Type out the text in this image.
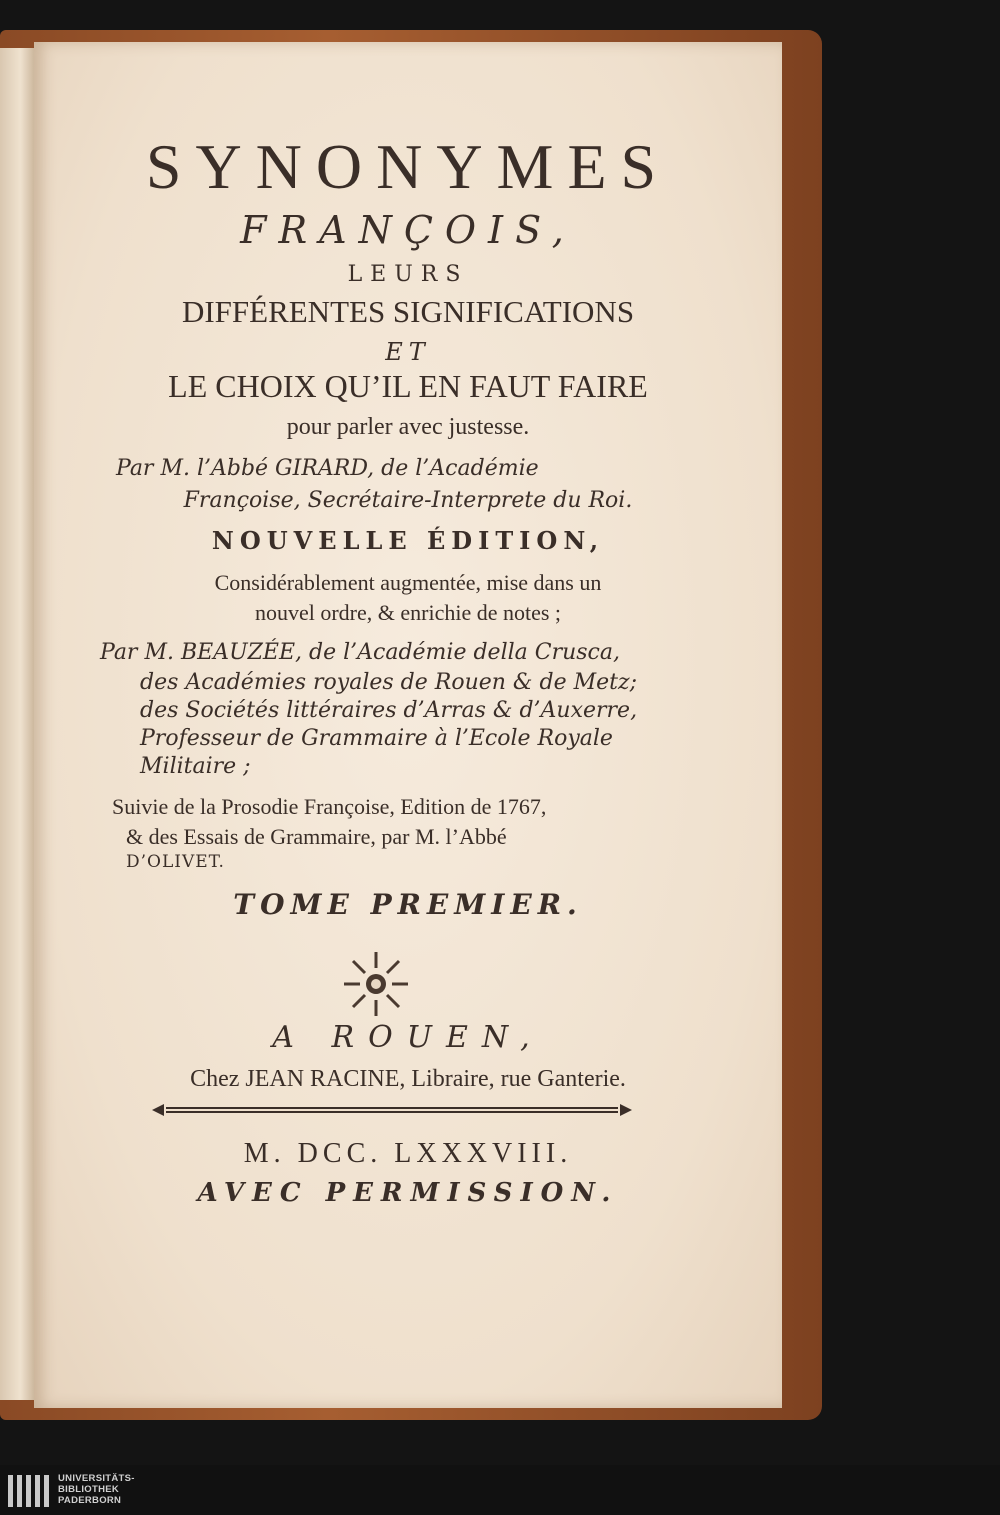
SYNONYMES
FRANÇOIS,
LEURS
DIFFÉRENTES SIGNIFICATIONS
ET
LE CHOIX QU’IL EN FAUT FAIRE
pour parler avec justesse.
Par M. l’Abbé GIRARD, de l’Académie
Françoise, Secrétaire-Interprete du Roi.
NOUVELLE ÉDITION,
Considérablement augmentée, mise dans un
nouvel ordre, & enrichie de notes ;
Par M. BEAUZÉE, de l’Académie della Crusca,
des Académies royales de Rouen & de Metz;
des Sociétés littéraires d’Arras & d’Auxerre,
Professeur de Grammaire à l’Ecole Royale
Militaire ;
Suivie de la Prosodie Françoise, Edition de 1767,
& des Essais de Grammaire, par M. l’Abbé
D’OLIVET.
TOME PREMIER.
A ROUEN,
Chez JEAN RACINE, Libraire, rue Ganterie.
M. DCC. LXXXVIII.
AVEC PERMISSION.
UNIVERSITÄTS-
BIBLIOTHEK
PADERBORN
